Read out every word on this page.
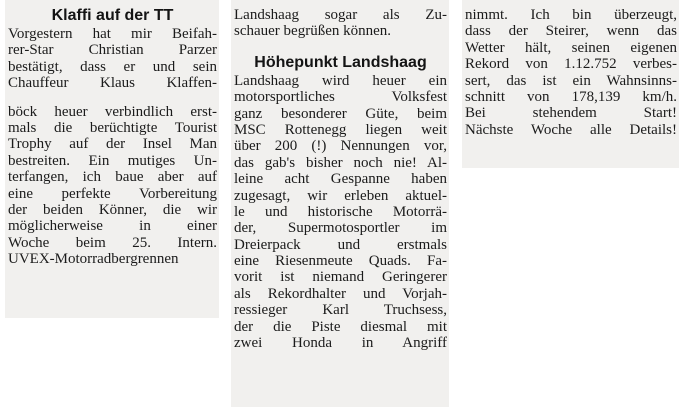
Klaffi auf der TT
Vorgestern hat mir Beifah-
rer-Star Christian Parzer
bestätigt, dass er und sein
Chauffeur Klaus Klaffen-
böck heuer verbindlich erst-
mals die berüchtigte Tourist
Trophy auf der Insel Man
bestreiten. Ein mutiges Un-
terfangen, ich baue aber auf
eine perfekte Vorbereitung
der beiden Könner, die wir
möglicherweise in einer
Woche beim 25. Intern.
UVEX-Motorradbergrennen
Landshaag sogar als Zu-
schauer begrüßen können.
Höhepunkt Landshaag
Landshaag wird heuer ein
motorsportliches Volksfest
ganz besonderer Güte, beim
MSC Rottenegg liegen weit
über 200 (!) Nennungen vor,
das gab's bisher noch nie! Al-
leine acht Gespanne haben
zugesagt, wir erleben aktuel-
le und historische Motorrä-
der, Supermotosportler im
Dreierpack und erstmals
eine Riesenmeute Quads. Fa-
vorit ist niemand Geringerer
als Rekordhalter und Vorjah-
ressieger Karl Truchsess,
der die Piste diesmal mit
zwei Honda in Angriff
nimmt. Ich bin überzeugt,
dass der Steirer, wenn das
Wetter hält, seinen eigenen
Rekord von 1.12.752 verbes-
sert, das ist ein Wahnsinns-
schnitt von 178,139 km/h.
Bei stehendem Start!
Nächste Woche alle Details!
